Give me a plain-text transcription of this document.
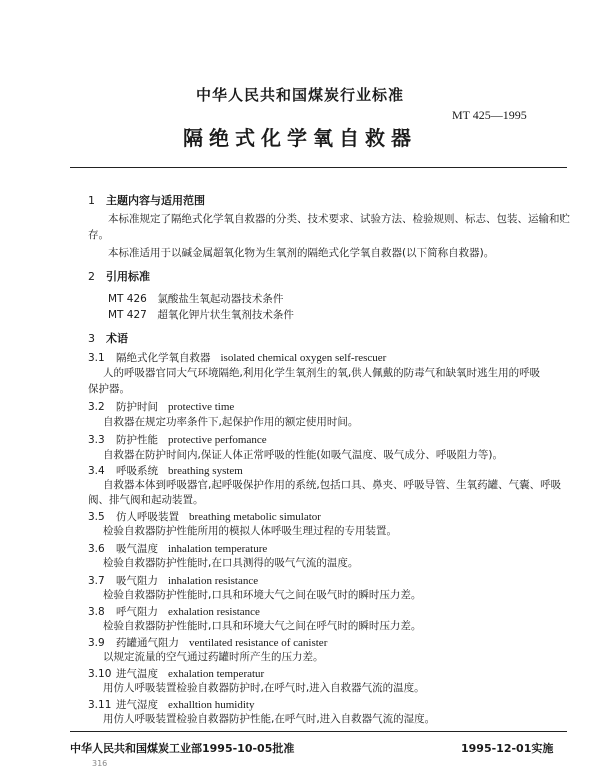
中华人民共和国煤炭行业标准
MT 425—1995
隔绝式化学氧自救器
1 主题内容与适用范围
本标准规定了隔绝式化学氧自救器的分类、技术要求、试验方法、检验规则、标志、包装、运输和贮
存。
本标准适用于以碱金属超氧化物为生氧剂的隔绝式化学氧自救器(以下简称自救器)。
2 引用标准
MT 426　氯酸盐生氧起动器技术条件
MT 427　超氧化钾片状生氧剂技术条件
3 术语
3.1 隔绝式化学氧自救器 isolated chemical oxygen self-rescuer
人的呼吸器官同大气环境隔绝,利用化学生氧剂生的氧,供人佩戴的防毒气和缺氧时逃生用的呼吸
保护器。
3.2 防护时间 protective time
自救器在规定功率条件下,起保护作用的额定使用时间。
3.3 防护性能 protective perfomance
自救器在防护时间内,保证人体正常呼吸的性能(如吸气温度、吸气成分、呼吸阻力等)。
3.4 呼吸系统 breathing system
自救器本体到呼吸器官,起呼吸保护作用的系统,包括口具、鼻夹、呼吸导管、生氧药罐、气囊、呼吸
阀、排气阀和起动装置。
3.5 仿人呼吸装置 breathing metabolic simulator
检验自救器防护性能所用的模拟人体呼吸生理过程的专用装置。
3.6 吸气温度 inhalation temperature
检验自救器防护性能时,在口具测得的吸气气流的温度。
3.7 吸气阻力 inhalation resistance
检验自救器防护性能时,口具和环境大气之间在吸气时的瞬时压力差。
3.8 呼气阻力 exhalation resistance
检验自救器防护性能时,口具和环境大气之间在呼气时的瞬时压力差。
3.9 药罐通气阻力 ventilated resistance of canister
以规定流量的空气通过药罐时所产生的压力差。
3.10 进气温度 exhalation temperatur
用仿人呼吸装置检验自救器防护时,在呼气时,进入自救器气流的温度。
3.11 进气湿度 exhalltion humidity
用仿人呼吸装置检验自救器防护性能,在呼气时,进入自救器气流的湿度。
中华人民共和国煤炭工业部1995-10-05批准	1995-12-01实施
316
